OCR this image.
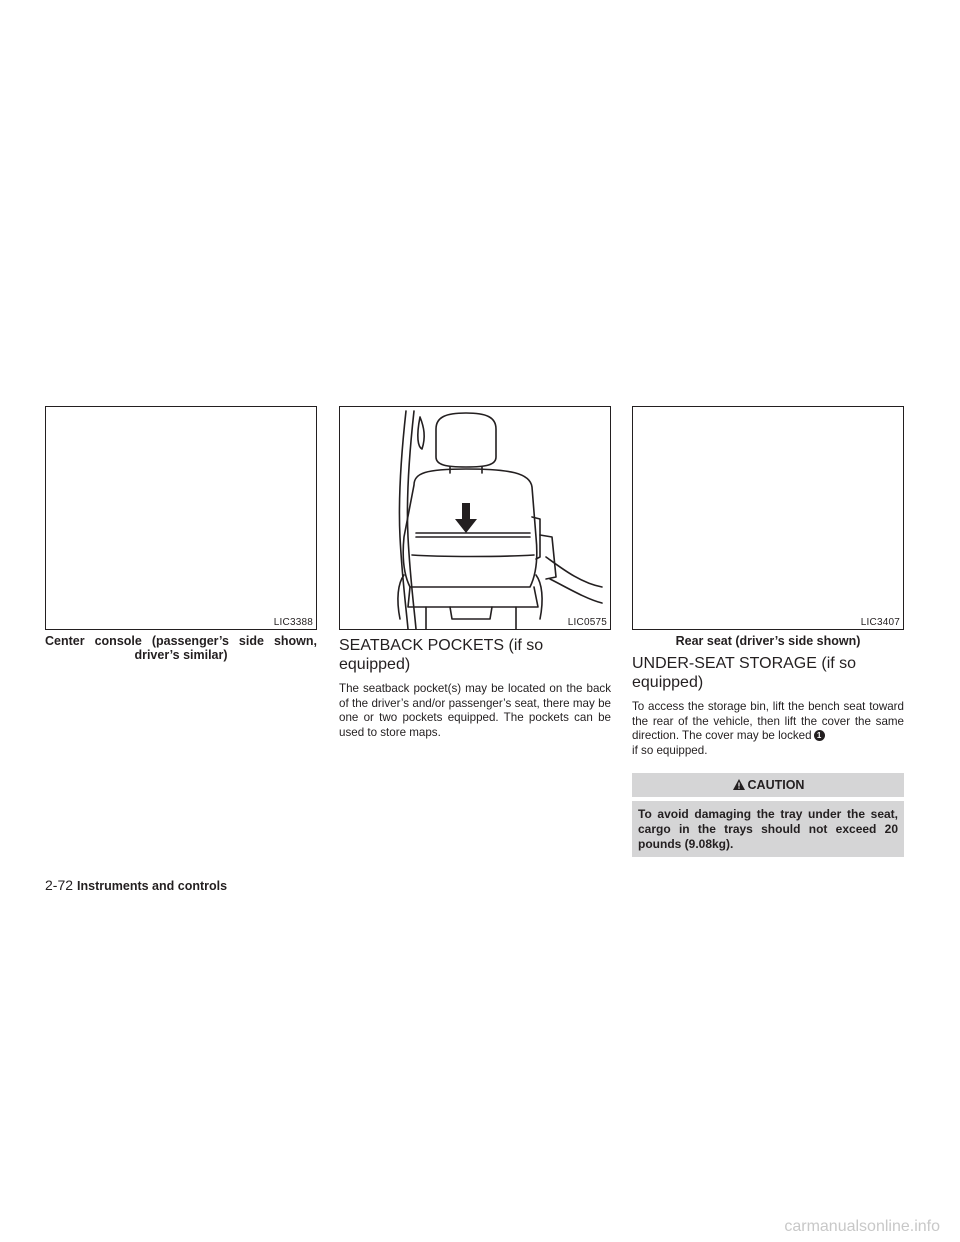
LIC3388
Center console (passenger’s side shown, driver’s similar)
LIC0575
SEATBACK POCKETS (if so equipped)

The seatback pocket(s) may be located on the back of the driver’s and/or passenger’s seat, there may be one or two pockets equipped. The pockets can be used to store maps.

LIC3407
Rear seat (driver’s side shown)
UNDER-SEAT STORAGE (if so equipped)

To access the storage bin, lift the bench seat toward the rear of the vehicle, then lift the cover the same direction. The cover may be locked 1
if so equipped.

CAUTION
To avoid damaging the tray under the seat, cargo in the trays should not exceed 20 pounds (9.08kg).
2-72 Instruments and controls
carmanualsonline.info
